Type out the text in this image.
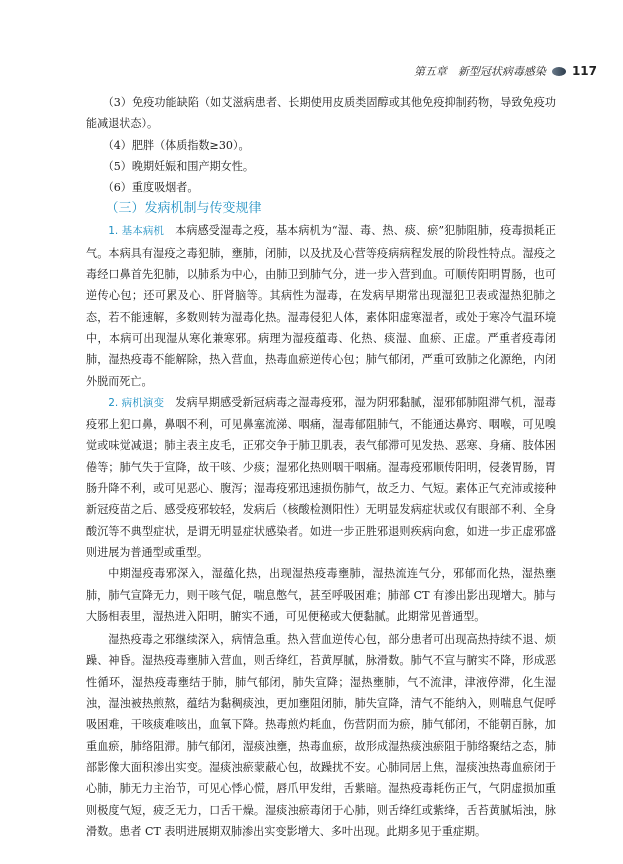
第五章　新型冠状病毒感染 117

（3）免疫功能缺陷（如艾滋病患者、长期使用皮质类固醇或其他免疫抑制药物，导致免疫功能减退状态）。

（4）肥胖（体质指数≥30）。

（5）晚期妊娠和围产期女性。

（6）重度吸烟者。

（三）发病机制与传变规律

1. 基本病机　 本病感受湿毒之疫，基本病机为“湿、毒、热、痰、瘀”犯肺阻肺，疫毒损耗正气。本病具有湿疫之毒犯肺，壅肺，闭肺，以及扰及心营等疫病病程发展的阶段性特点。湿疫之毒经口鼻首先犯肺，以肺系为中心，由肺卫到肺气分，进一步入营到血。可顺传阳明胃肠，也可逆传心包；还可累及心、肝肾脑等。其病性为湿毒，在发病早期常出现湿犯卫表或湿热犯肺之态，若不能速解，多数则转为湿毒化热。湿毒侵犯人体，素体阳虚寒湿者，或处于寒冷气温环境中，本病可出现湿从寒化兼寒邪。病理为湿疫蕴毒、化热、痰湿、血瘀、正虚。严重者疫毒闭肺，湿热疫毒不能解除，热入营血，热毒血瘀逆传心包；肺气郁闭，严重可致肺之化源绝，内闭外脱而死亡。

2. 病机演变　 发病早期感受新冠病毒之湿毒疫邪，湿为阴邪黏腻，湿邪郁肺阻滞气机，湿毒疫邪上犯口鼻，鼻咽不利，可见鼻塞流涕、咽痛，湿毒郁阻肺气，不能通达鼻窍、咽喉，可见嗅觉或味觉减退；肺主表主皮毛，正邪交争于肺卫肌表，表气郁滞可见发热、恶寒、身痛、肢体困倦等；肺气失于宣降，故干咳、少痰；湿邪化热则咽干咽痛。湿毒疫邪顺传阳明，侵袭胃肠，胃肠升降不利，或可见恶心、腹泻；湿毒疫邪迅速损伤肺气，故乏力、气短。素体正气充沛或接种新冠疫苗之后、感受疫邪较轻，发病后（核酸检测阳性）无明显发病症状或仅有眼部不利、全身酸沉等不典型症状，是谓无明显症状感染者。如进一步正胜邪退则疾病向愈，如进一步正虚邪盛则进展为普通型或重型。

中期湿疫毒邪深入，湿蕴化热，出现湿热疫毒壅肺，湿热流连气分，邪郁而化热，湿热壅肺，肺气宣降无力，则干咳气促，喘息憋气，甚至呼吸困难；肺部 CT 有渗出影出现增大。肺与大肠相表里，湿热进入阳明，腑实不通，可见便秘或大便黏腻。此期常见普通型。

湿热疫毒之邪继续深入，病情急重。热入营血逆传心包，部分患者可出现高热持续不退、烦躁、神昏。湿热疫毒壅肺入营血，则舌绛红，苔黄厚腻，脉滑数。肺气不宣与腑实不降，形成恶性循环，湿热疫毒壅结于肺，肺气郁闭，肺失宣降；湿热壅肺，气不流津，津液停滞，化生湿浊，湿浊被热煎熬，蕴结为黏稠痰浊，更加壅阻闭肺，肺失宣降，清气不能纳入，则喘息气促呼吸困难，干咳痰难咳出，血氧下降。热毒煎灼耗血，伤营阴而为瘀，肺气郁闭，不能朝百脉，加重血瘀，肺络阻滞。肺气郁闭，湿痰浊壅，热毒血瘀，故形成湿热痰浊瘀阻于肺络聚结之态，肺部影像大面积渗出实变。湿痰浊瘀蒙蔽心包，故躁扰不安。心肺同居上焦，湿痰浊热毒血瘀闭于心肺，肺无力主治节，可见心悸心慌，唇爪甲发绀，舌紫暗。湿热疫毒耗伤正气，气阴虚损加重则极度气短，疲乏无力，口舌干燥。湿痰浊瘀毒闭于心肺，则舌绛红或紫绛，舌苔黄腻垢浊，脉滑数。患者 CT 表明进展期双肺渗出实变影增大、多叶出现。此期多见于重症期。
